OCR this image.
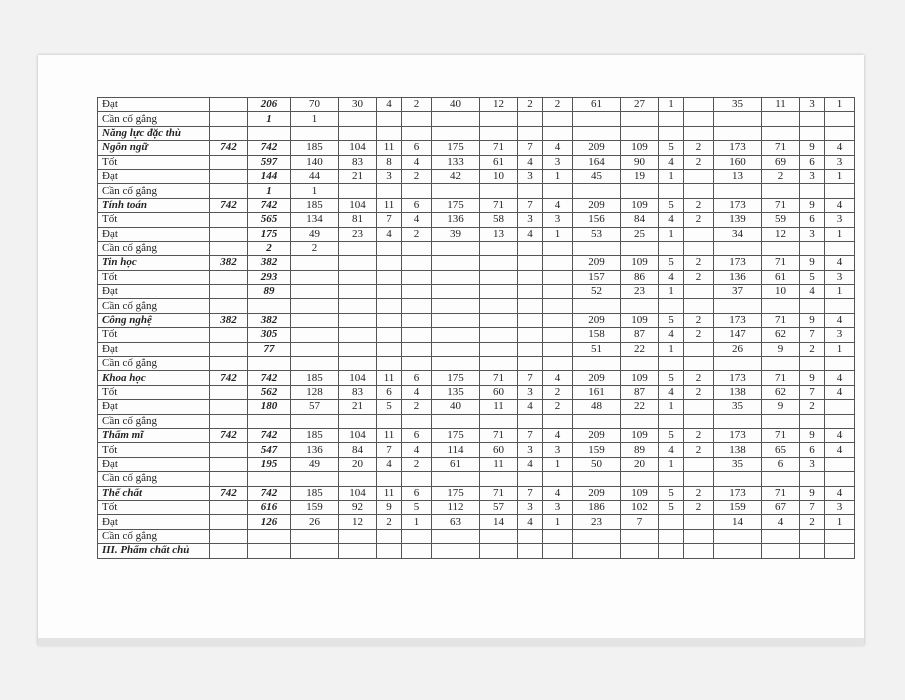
Đạt		206	70	30	4	2	40	12	2	2	61	27	1		35	11	3	1
Cần cố gắng		1	1															
Năng lực đặc thù																		
Ngôn ngữ	742	742	185	104	11	6	175	71	7	4	209	109	5	2	173	71	9	4
Tốt		597	140	83	8	4	133	61	4	3	164	90	4	2	160	69	6	3
Đạt		144	44	21	3	2	42	10	3	1	45	19	1		13	2	3	1
Cần cố gắng		1	1															
Tính toán	742	742	185	104	11	6	175	71	7	4	209	109	5	2	173	71	9	4
Tốt		565	134	81	7	4	136	58	3	3	156	84	4	2	139	59	6	3
Đạt		175	49	23	4	2	39	13	4	1	53	25	1		34	12	3	1
Cần cố gắng		2	2															
Tin học	382	382									209	109	5	2	173	71	9	4
Tốt		293									157	86	4	2	136	61	5	3
Đạt		89									52	23	1		37	10	4	1
Cần cố gắng																		
Công nghệ	382	382									209	109	5	2	173	71	9	4
Tốt		305									158	87	4	2	147	62	7	3
Đạt		77									51	22	1		26	9	2	1
Cần cố gắng																		
Khoa học	742	742	185	104	11	6	175	71	7	4	209	109	5	2	173	71	9	4
Tốt		562	128	83	6	4	135	60	3	2	161	87	4	2	138	62	7	4
Đạt		180	57	21	5	2	40	11	4	2	48	22	1		35	9	2	
Cần cố gắng																		
Thẩm mĩ	742	742	185	104	11	6	175	71	7	4	209	109	5	2	173	71	9	4
Tốt		547	136	84	7	4	114	60	3	3	159	89	4	2	138	65	6	4
Đạt		195	49	20	4	2	61	11	4	1	50	20	1		35	6	3	
Cần cố gắng																		
Thể chất	742	742	185	104	11	6	175	71	7	4	209	109	5	2	173	71	9	4
Tốt		616	159	92	9	5	112	57	3	3	186	102	5	2	159	67	7	3
Đạt		126	26	12	2	1	63	14	4	1	23	7			14	4	2	1
Cần cố gắng																		
III. Phẩm chất chủ																		
